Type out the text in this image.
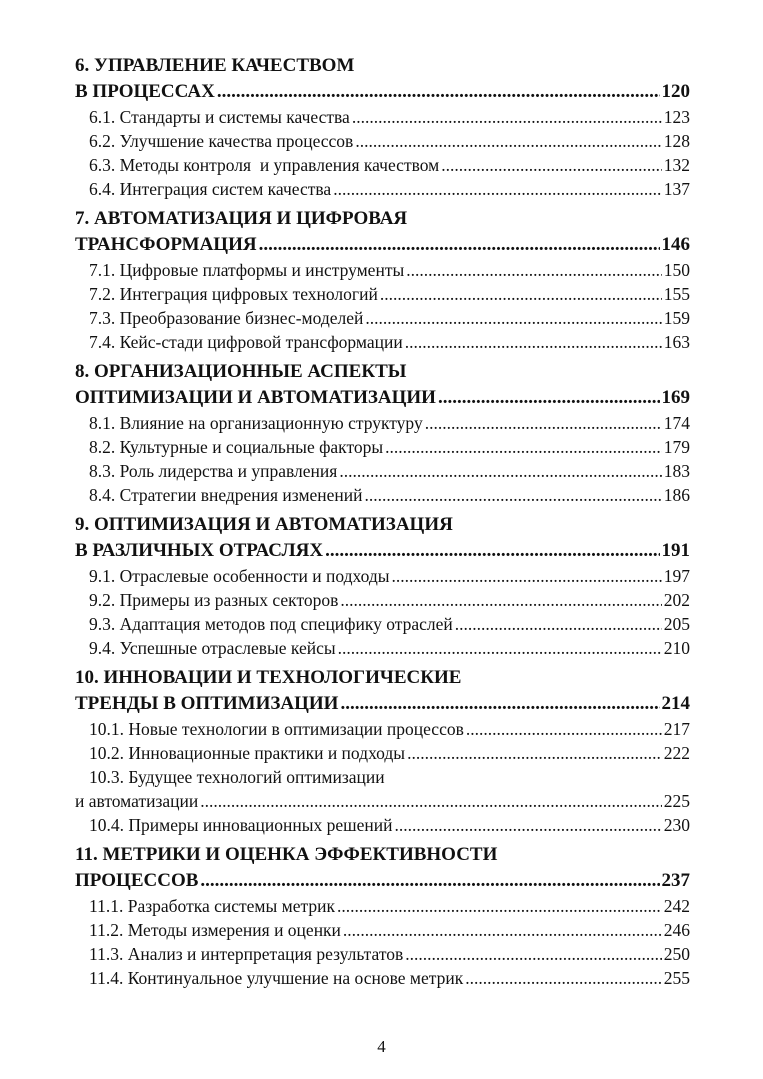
6. УПРАВЛЕНИЕ КАЧЕСТВОМ
В ПРОЦЕССАХ .....	120
6.1. Стандарты и системы качества .....	123
6.2. Улучшение качества процессов .....	128
6.3. Методы контроля  и управления качеством .....	132
6.4. Интеграция систем качества .....	137
7. АВТОМАТИЗАЦИЯ И ЦИФРОВАЯ
ТРАНСФОРМАЦИЯ .....	146
7.1. Цифровые платформы и инструменты .....	150
7.2. Интеграция цифровых технологий .....	155
7.3. Преобразование бизнес-моделей .....	159
7.4. Кейс-стади цифровой трансформации .....	163
8. ОРГАНИЗАЦИОННЫЕ АСПЕКТЫ
ОПТИМИЗАЦИИ И АВТОМАТИЗАЦИИ .....	169
8.1. Влияние на организационную структуру .....	174
8.2. Культурные и социальные факторы .....	179
8.3. Роль лидерства и управления .....	183
8.4. Стратегии внедрения изменений .....	186
9. ОПТИМИЗАЦИЯ И АВТОМАТИЗАЦИЯ
В РАЗЛИЧНЫХ ОТРАСЛЯХ .....	191
9.1. Отраслевые особенности и подходы .....	197
9.2. Примеры из разных секторов .....	202
9.3. Адаптация методов под специфику отраслей .....	205
9.4. Успешные отраслевые кейсы .....	210
10. ИННОВАЦИИ И ТЕХНОЛОГИЧЕСКИЕ
ТРЕНДЫ В ОПТИМИЗАЦИИ .....	214
10.1. Новые технологии в оптимизации процессов .....	217
10.2. Инновационные практики и подходы .....	222
10.3. Будущее технологий оптимизации
и автоматизации .....	225
10.4. Примеры инновационных решений .....	230
11. МЕТРИКИ И ОЦЕНКА ЭФФЕКТИВНОСТИ
ПРОЦЕССОВ .....	237
11.1. Разработка системы метрик .....	242
11.2. Методы измерения и оценки .....	246
11.3. Анализ и интерпретация результатов .....	250
11.4. Континуальное улучшение на основе метрик .....	255
4
